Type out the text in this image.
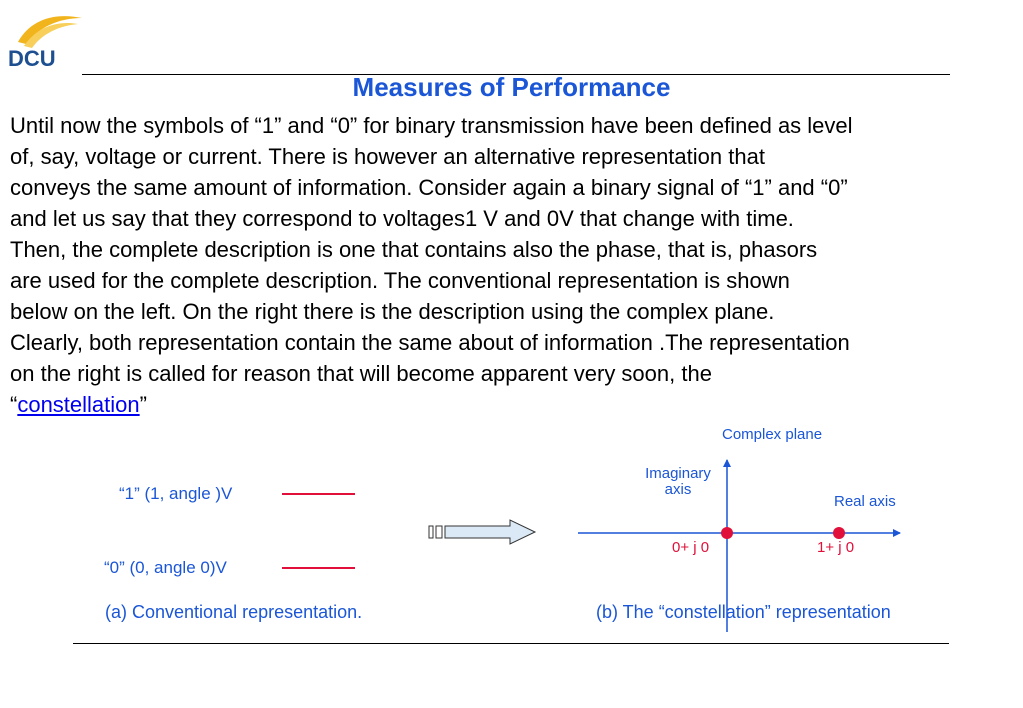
DCU
Measures of Performance
Until now the symbols of “1” and “0” for binary transmission have been defined as level
of, say, voltage or current. There is however an alternative representation that
conveys the same amount of information. Consider again a binary signal of “1” and “0”
and let us say that they correspond to voltages1 V and 0V that change with time.
Then, the complete description is one that contains also the phase, that is, phasors
are used for the complete description. The conventional representation is shown
below on the left. On the right there is the description using the complex plane.
Clearly, both representation contain the same about of information .The representation
on the right is called for reason that will become apparent very soon, the
“constellation”
“1” (1, angle )V
“0” (0, angle 0)V
(a) Conventional representation.
Complex plane
Imaginary
axis
Real axis
0+ j 0	1+ j 0
(b) The “constellation” representation
